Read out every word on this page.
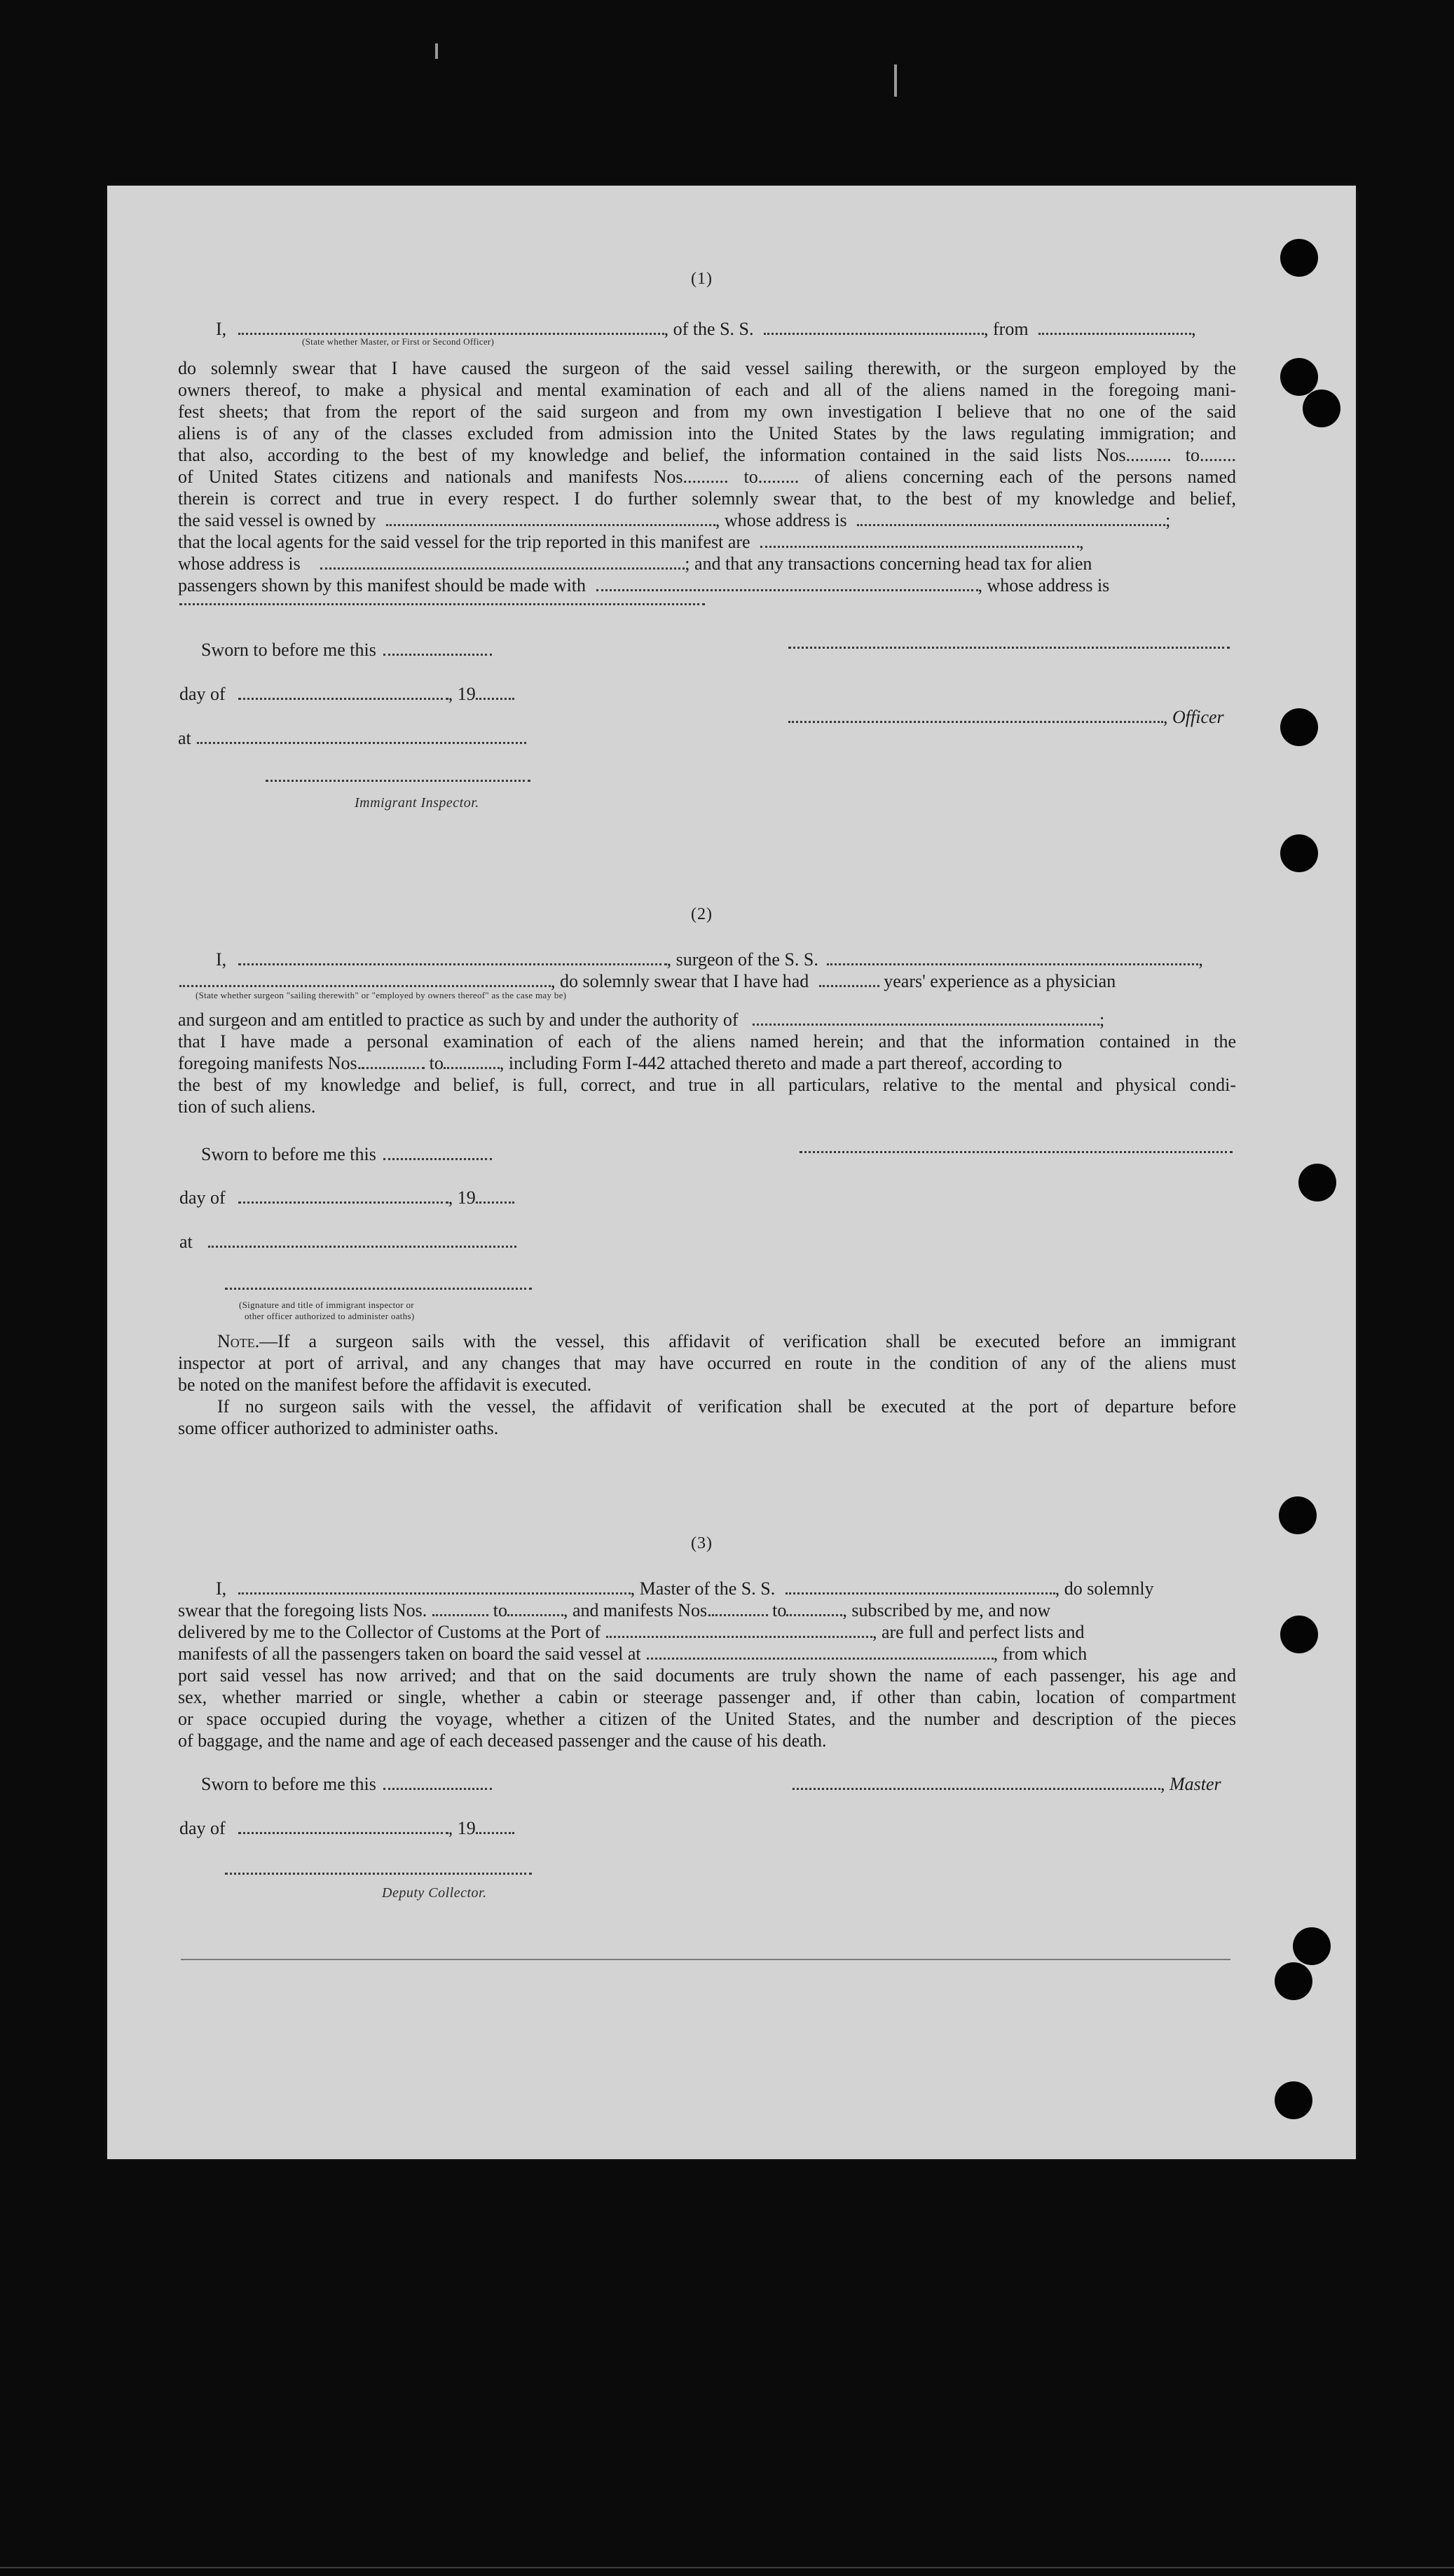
(1)
I,	, of the S. S.	, from	,
(State whether Master, or First or Second Officer)
do solemnly swear that I have caused the surgeon of the said vessel sailing therewith, or the surgeon employed by the
owners thereof, to make a physical and mental examination of each and all of the aliens named in the foregoing mani-
fest sheets; that from the report of the said surgeon and from my own investigation I believe that no one of the said
aliens is of any of the classes excluded from admission into the United States by the laws regulating immigration; and
that also, according to the best of my knowledge and belief, the information contained in the said lists Nos.......... to........
of United States citizens and nationals and manifests Nos.......... to......... of aliens concerning each of the persons named
therein is correct and true in every respect. I do further solemnly swear that, to the best of my knowledge and belief,
the said vessel is owned by	, whose address is	;
that the local agents for the said vessel for the trip reported in this manifest are	,
whose address is	; and that any transactions concerning head tax for alien
passengers shown by this manifest should be made with	, whose address is
Sworn to before me this
day of	, 19
, Officer
at
Immigrant Inspector.
(2)
I,	, surgeon of the S. S.	,
, do solemnly swear that I have had	years' experience as a physician
(State whether surgeon "sailing therewith" or "employed by owners thereof" as the case may be)
and surgeon and am entitled to practice as such by and under the authority of	;
that I have made a personal examination of each of the aliens named herein; and that the information contained in the
foregoing manifests Nos.	to	, including Form I-442 attached thereto and made a part thereof, according to
the best of my knowledge and belief, is full, correct, and true in all particulars, relative to the mental and physical condi-
tion of such aliens.
Sworn to before me this
day of	, 19
at
(Signature and title of immigrant inspector or
other officer authorized to administer oaths)
Note.—If a surgeon sails with the vessel, this affidavit of verification shall be executed before an immigrant
inspector at port of arrival, and any changes that may have occurred en route in the condition of any of the aliens must
be noted on the manifest before the affidavit is executed.
If no surgeon sails with the vessel, the affidavit of verification shall be executed at the port of departure before
some officer authorized to administer oaths.
(3)
I,	, Master of the S. S.	, do solemnly
swear that the foregoing lists Nos.	to	, and manifests Nos.	to	, subscribed by me, and now
delivered by me to the Collector of Customs at the Port of	, are full and perfect lists and
manifests of all the passengers taken on board the said vessel at	, from which
port said vessel has now arrived; and that on the said documents are truly shown the name of each passenger, his age and
sex, whether married or single, whether a cabin or steerage passenger and, if other than cabin, location of compartment
or space occupied during the voyage, whether a citizen of the United States, and the number and description of the pieces
of baggage, and the name and age of each deceased passenger and the cause of his death.
Sworn to before me this	, Master
day of	, 19
Deputy Collector.
